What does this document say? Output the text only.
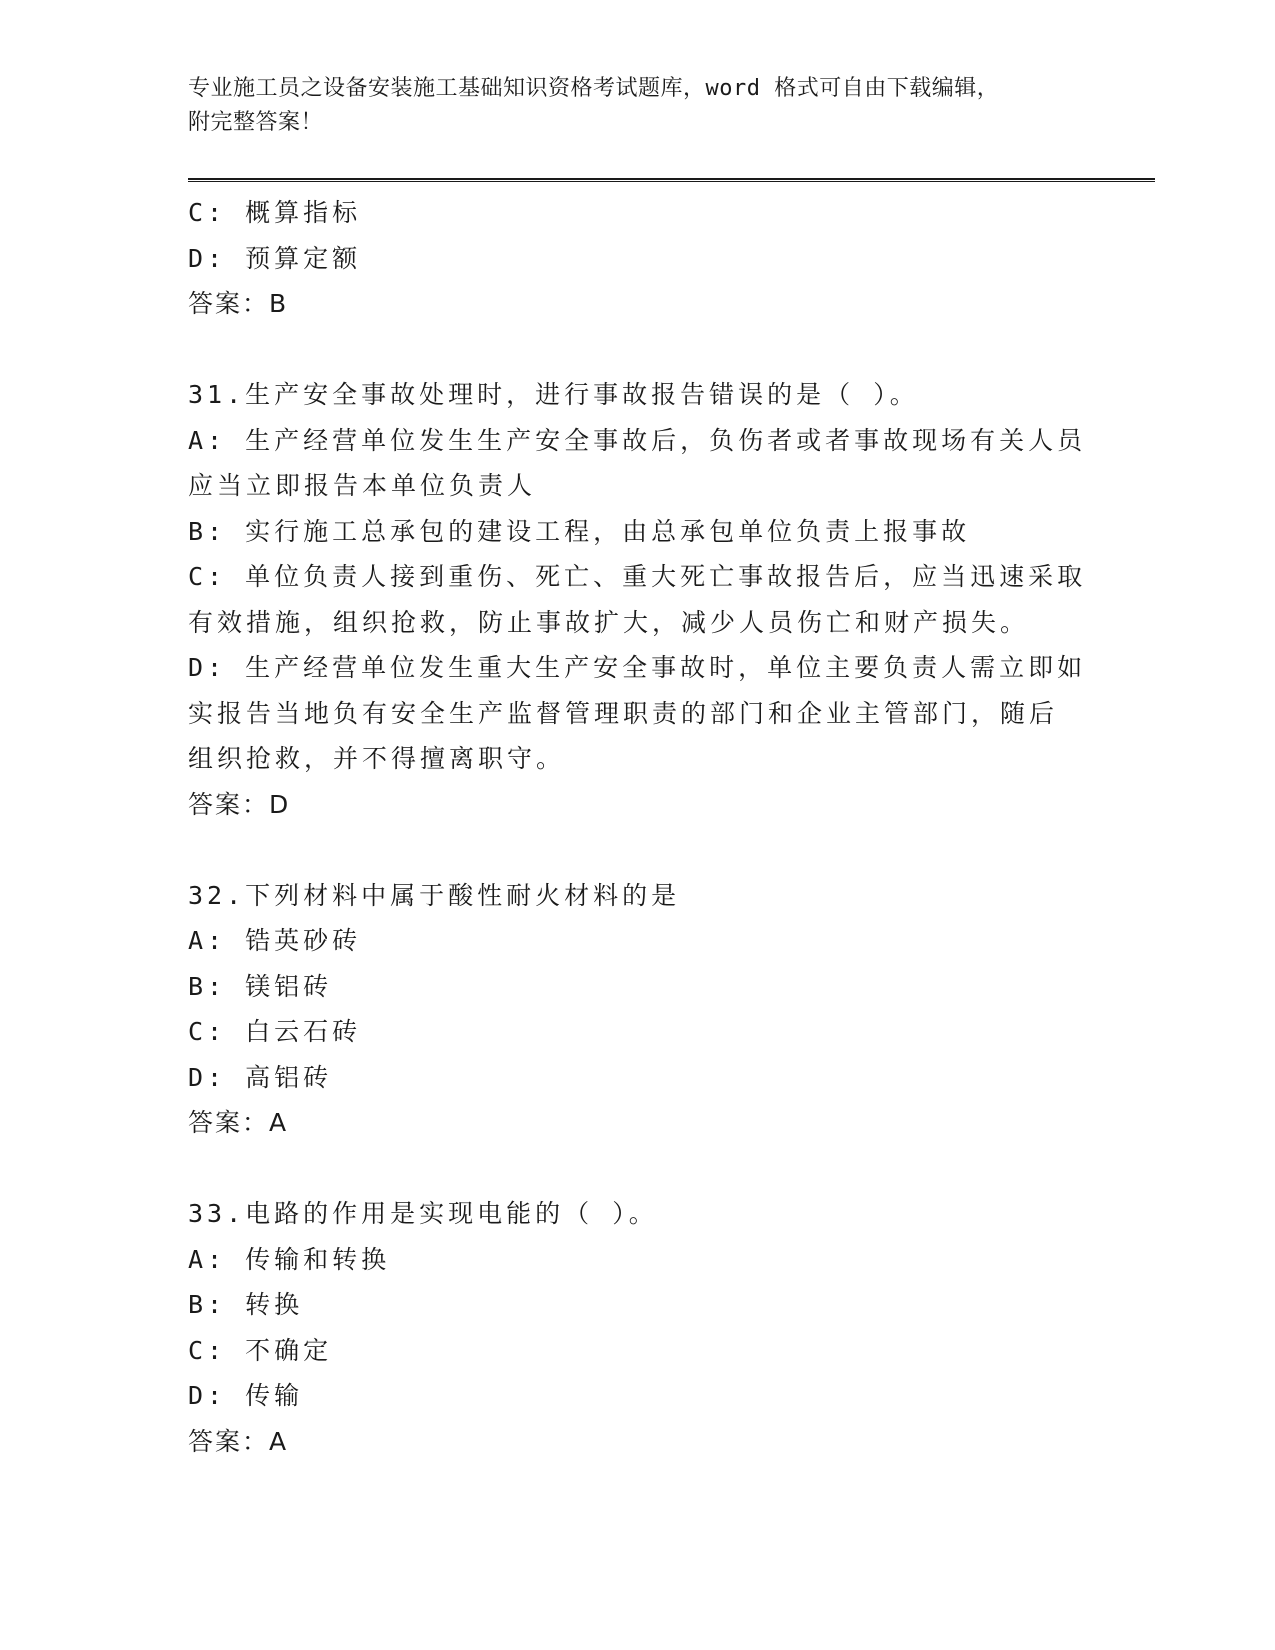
专业施工员之设备安装施工基础知识资格考试题库，word 格式可自由下载编辑，
附完整答案！
C: 概算指标
D: 预算定额
答案：B
31.生产安全事故处理时，进行事故报告错误的是（ ）。
A: 生产经营单位发生生产安全事故后，负伤者或者事故现场有关人员
应当立即报告本单位负责人
B: 实行施工总承包的建设工程，由总承包单位负责上报事故
C: 单位负责人接到重伤、死亡、重大死亡事故报告后，应当迅速采取
有效措施，组织抢救，防止事故扩大，减少人员伤亡和财产损失。
D: 生产经营单位发生重大生产安全事故时，单位主要负责人需立即如
实报告当地负有安全生产监督管理职责的部门和企业主管部门，随后
组织抢救，并不得擅离职守。
答案：D
32.下列材料中属于酸性耐火材料的是
A: 锆英砂砖
B: 镁铝砖
C: 白云石砖
D: 高铝砖
答案：A
33.电路的作用是实现电能的（ ）。
A: 传输和转换
B: 转换
C: 不确定
D: 传输
答案：A
